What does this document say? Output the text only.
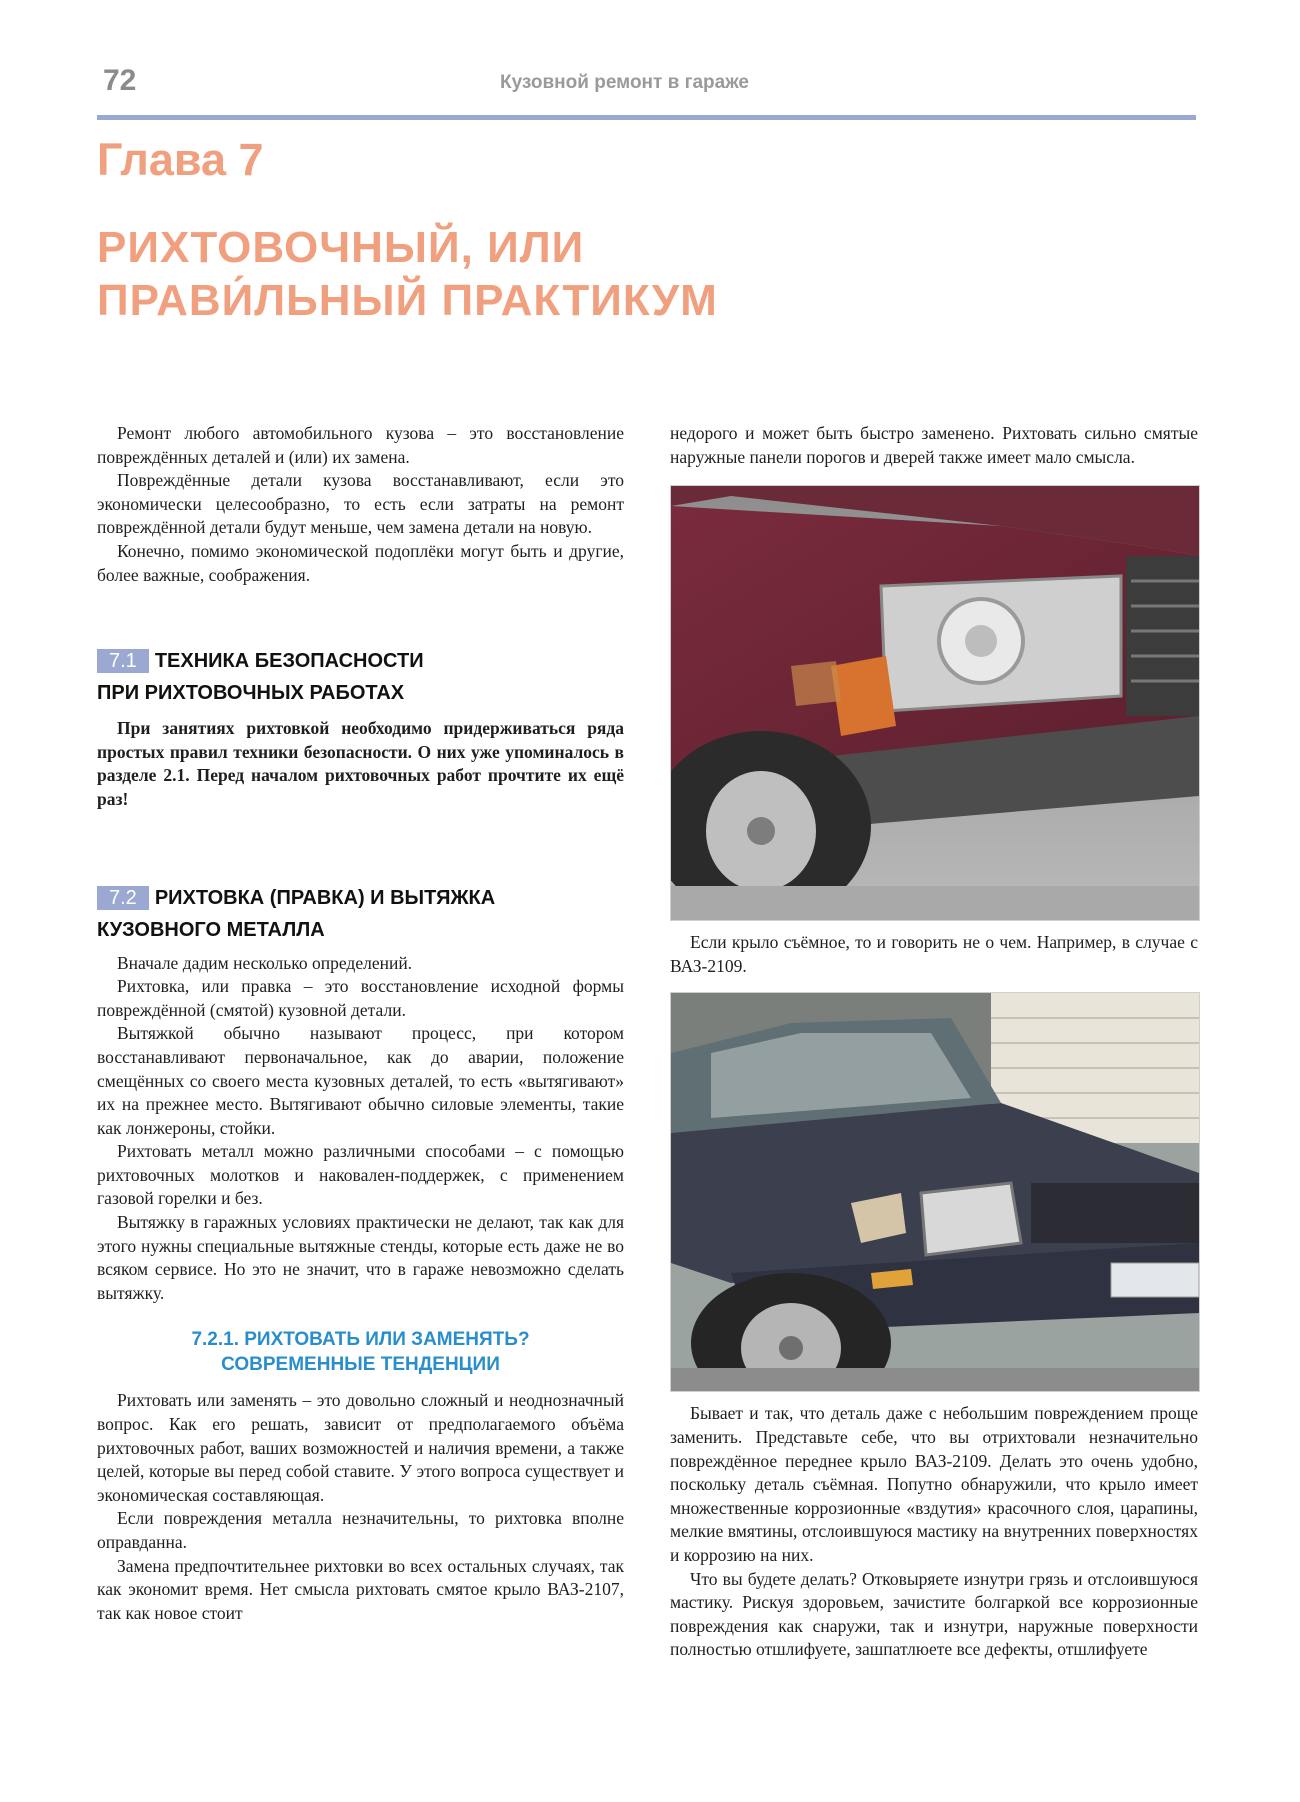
72	Кузовной ремонт в гараже
Глава 7
РИХТОВОЧНЫЙ, ИЛИ
ПРАВИ́ЛЬНЫЙ ПРАКТИКУМ

Ремонт любого автомобильного кузова – это восстановление повреждённых деталей и (или) их замена.

Повреждённые детали кузова восстанавливают, если это экономически целесообразно, то есть если затраты на ремонт повреждённой детали будут меньше, чем замена детали на новую.

Конечно, помимо экономической подоплёки могут быть и другие, более важные, соображения.

7.1 ТЕХНИКА БЕЗОПАСНОСТИ
ПРИ РИХТОВОЧНЫХ РАБОТАХ

При занятиях рихтовкой необходимо придерживаться ряда простых правил техники безопасности. О них уже упоминалось в разделе 2.1. Перед началом рихтовочных работ прочтите их ещё раз!

7.2 РИХТОВКА (ПРАВКА) И ВЫТЯЖКА
КУЗОВНОГО МЕТАЛЛА

Вначале дадим несколько определений.

Рихтовка, или правка – это восстановление исходной формы повреждённой (смятой) кузовной детали.

Вытяжкой обычно называют процесс, при котором восстанавливают первоначальное, как до аварии, положение смещённых со своего места кузовных деталей, то есть «вытягивают» их на прежнее место. Вытягивают обычно силовые элементы, такие как лонжероны, стойки.

Рихтовать металл можно различными способами – с помощью рихтовочных молотков и наковален-поддержек, с применением газовой горелки и без.

Вытяжку в гаражных условиях практически не делают, так как для этого нужны специальные вытяжные стенды, которые есть даже не во всяком сервисе. Но это не значит, что в гараже невозможно сделать вытяжку.

7.2.1. РИХТОВАТЬ ИЛИ ЗАМЕНЯТЬ?
СОВРЕМЕННЫЕ ТЕНДЕНЦИИ

Рихтовать или заменять – это довольно сложный и неоднозначный вопрос. Как его решать, зависит от предполагаемого объёма рихтовочных работ, ваших возможностей и наличия времени, а также целей, которые вы перед собой ставите. У этого вопроса существует и экономическая составляющая.

Если повреждения металла незначительны, то рихтовка вполне оправданна.

Замена предпочтительнее рихтовки во всех остальных случаях, так как экономит время. Нет смысла рихтовать смятое крыло ВАЗ-2107, так как новое стоит

недорого и может быть быстро заменено. Рихтовать сильно смятые наружные панели порогов и дверей также имеет мало смысла.

Если крыло съёмное, то и говорить не о чем. Например, в случае с ВАЗ-2109.

Бывает и так, что деталь даже с небольшим повреждением проще заменить. Представьте себе, что вы отрихтовали незначительно повреждённое переднее крыло ВАЗ-2109. Делать это очень удобно, поскольку деталь съёмная. Попутно обнаружили, что крыло имеет множественные коррозионные «вздутия» красочного слоя, царапины, мелкие вмятины, отслоившуюся мастику на внутренних поверхностях и коррозию на них.

Что вы будете делать? Отковыряете изнутри грязь и отслоившуюся мастику. Рискуя здоровьем, зачистите болгаркой все коррозионные повреждения как снаружи, так и изнутри, наружные поверхности полностью отшлифуете, зашпатлюете все дефекты, отшлифуете
